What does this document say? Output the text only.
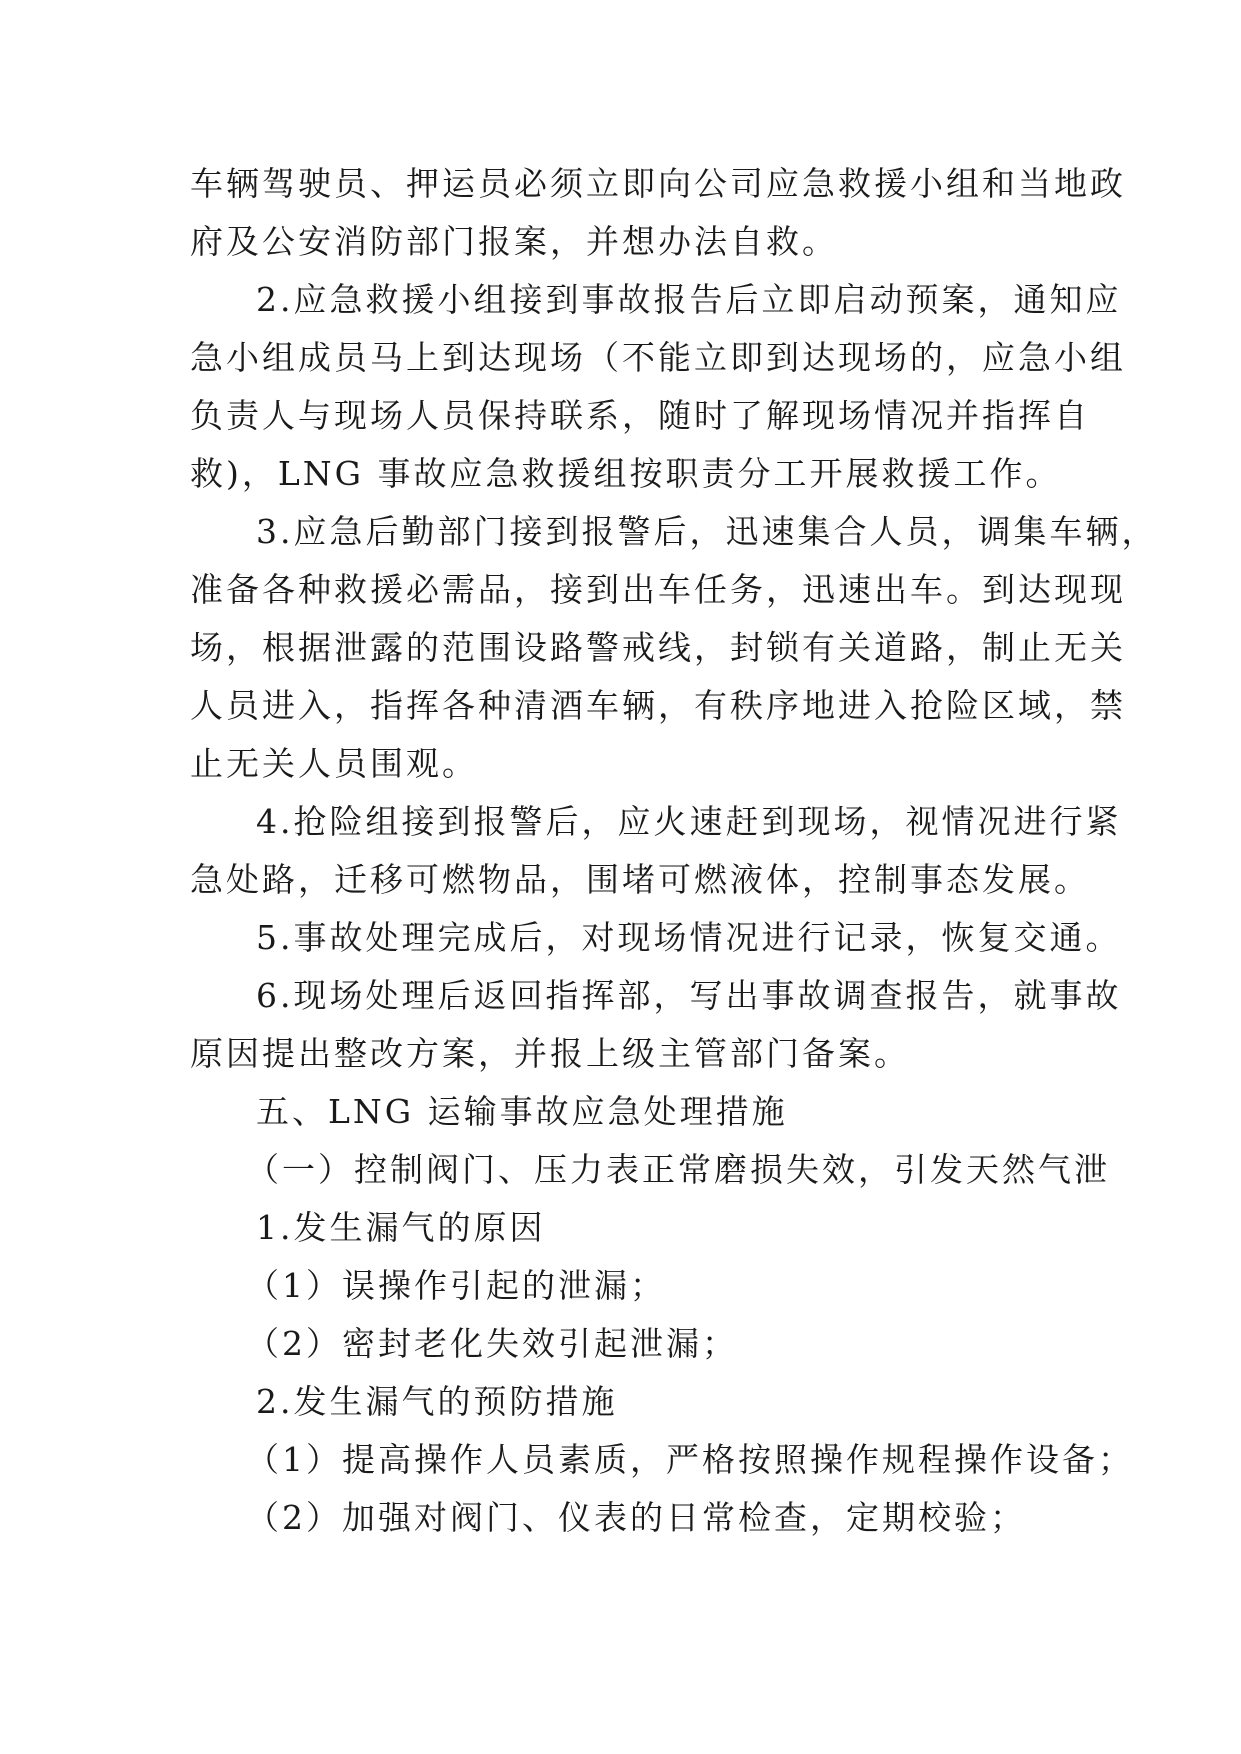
车辆驾驶员、押运员必须立即向公司应急救援小组和当地政
府及公安消防部门报案，并想办法自救。
2.应急救援小组接到事故报告后立即启动预案，通知应
急小组成员马上到达现场（不能立即到达现场的，应急小组
负责人与现场人员保持联系，随时了解现场情况并指挥自
救)，LNG 事故应急救援组按职责分工开展救援工作。
3.应急后勤部门接到报警后，迅速集合人员，调集车辆，
准备各种救援必需品，接到出车任务，迅速出车。到达现现
场，根据泄露的范围设路警戒线，封锁有关道路，制止无关
人员进入，指挥各种清酒车辆，有秩序地进入抢险区域，禁
止无关人员围观。
4.抢险组接到报警后，应火速赶到现场，视情况进行紧
急处路，迁移可燃物品，围堵可燃液体，控制事态发展。
5.事故处理完成后，对现场情况进行记录，恢复交通。
6.现场处理后返回指挥部，写出事故调查报告，就事故
原因提出整改方案，并报上级主管部门备案。
五、LNG 运输事故应急处理措施
（一）控制阀门、压力表正常磨损失效，引发天然气泄
1.发生漏气的原因
（1）误操作引起的泄漏；
（2）密封老化失效引起泄漏；
2.发生漏气的预防措施
（1）提高操作人员素质，严格按照操作规程操作设备；
（2）加强对阀门、仪表的日常检查，定期校验；
